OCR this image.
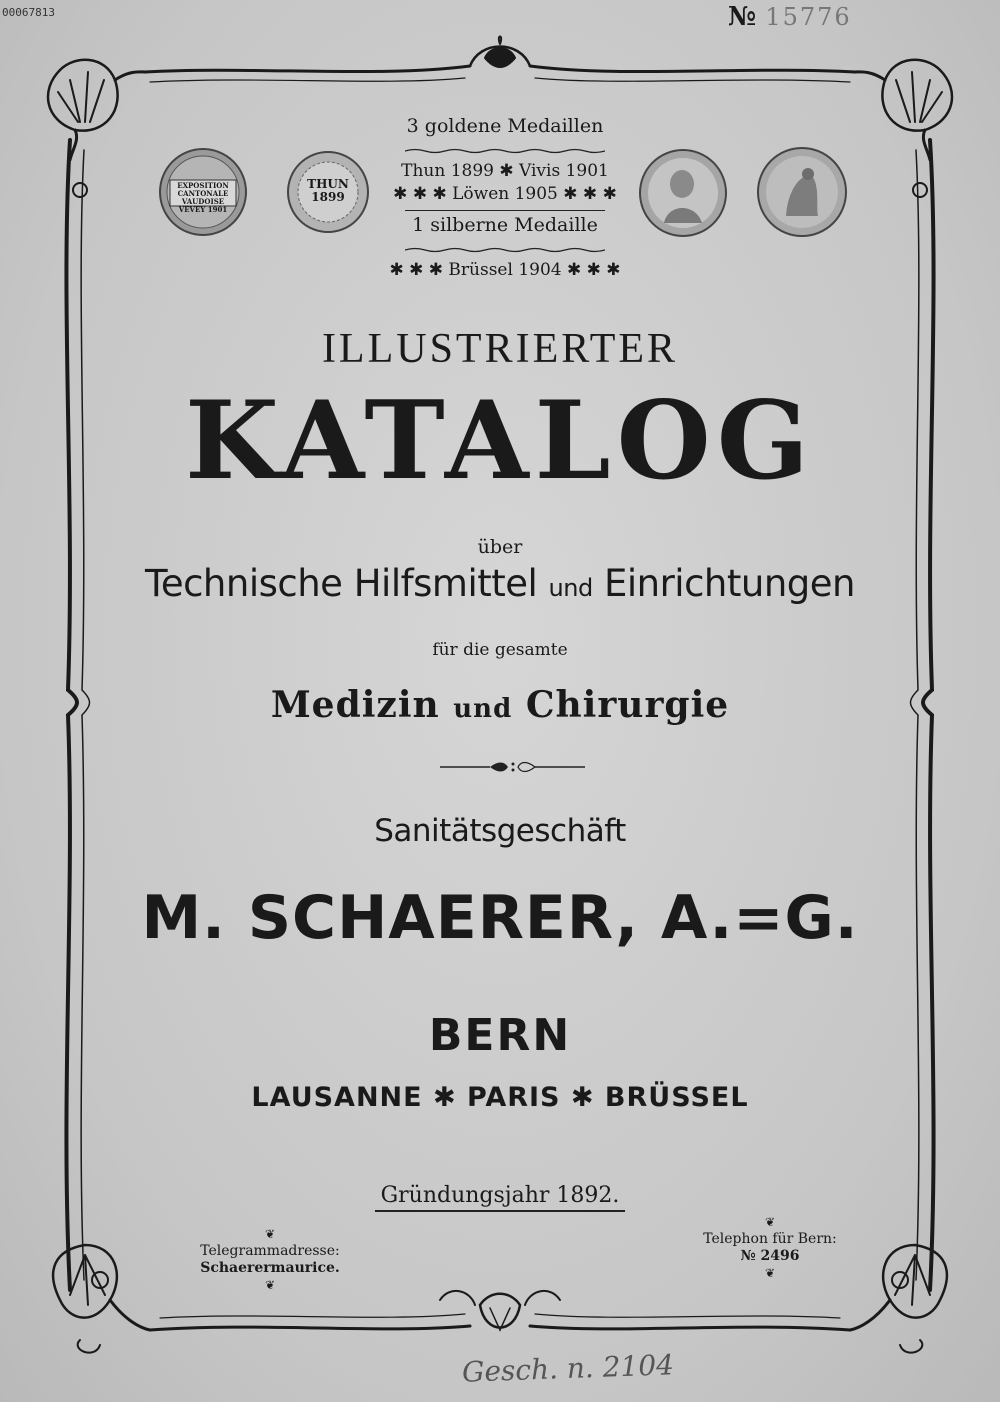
EXPOSITION CANTONALE VAUDOISE VEVEY 1901
THUN 1899
00067813	№ 15776
3 goldene Medaillen
Thun 1899 ✱ Vivis 1901
✱ ✱ ✱ Löwen 1905 ✱ ✱ ✱
1 silberne Medaille
✱ ✱ ✱ Brüssel 1904 ✱ ✱ ✱
ILLUSTRIERTER
KATALOG
über
Technische Hilfsmittel und Einrichtungen
für die gesamte
Medizin und Chirurgie
Sanitätsgeschäft
M. SCHAERER, A.=G.
BERN
LAUSANNE ✱ PARIS ✱ BRÜSSEL
Gründungsjahr 1892.
❦
Telegrammadresse:
Schaerermaurice.
❦
❦
Telephon für Bern:
№ 2496
❦
Gesch. n. 2104
